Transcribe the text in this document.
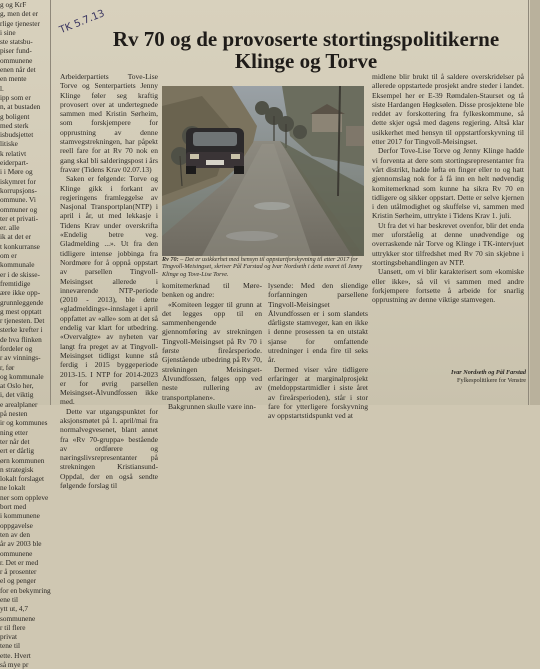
g og KrF
g, men det er
rlige tjenester
i sine
ste statsbu-
piser fund-
ommunene
enen når det
en mente
l.
ipp som er
n, at bustaden
g boligent
med sterk
isbudsjettet
litiske
k relativt
eiderpart-
i i Møre og
iskymret for
korrupsjons-
ommune. Vi
ommuner og
ter et privati-
er. alle
ik at det er
t konkurranse
om er
kommunale
er i de skisse-
fremtidige
ære ikke opp-
grunnleggende
g mest opptatt
r tjenesten. Det
sterke krefter i
de hva flinken
fordeler og
r av vinnings-
r, før
og kommunale
at Oslo her,
i, det viktig
e arealplaner
på nesten
ir og kommunes
ning etter
ter når det
ert er dårlig
ørn kommunen
n strategisk
lokalt forslaget
ne lokalt
ner som oppleve
bort med
i kommunene
oppgavelse
ten av den
år av 2003 ble
ommunene
r. Det er med
r å prosenter
el og penger
for en bekymring
ene til
ytt ut, 4,7
sommunene
r til flere
privat
tene til
ette. Hvert
så mye pr
TK 5.7.13
Rv 70 og de provoserte stortingspolitikerne Klinge og Torve

Arbeiderpartiets Tove-Lise Torve og Senterpartiets Jenny Klinge føler seg kraftig provosert over at undertegnede sammen med Kristin Sørheim, som forskjempere for opprustning av denne stamvegstrekningen, har påpekt reell fare for at Rv 70 nok en gang skal bli salderingspost i års fravær (Tidens Krav 02.07.13)

Saken er følgende: Torve og Klinge gikk i forkant av regjeringens framleggelse av Nasjonal Transportplan(NTP) i april i år, ut med lekkasje i Tidens Krav under overskrifta «Endelig betre veg. Gladmelding ...». Ut fra den tidligere intense jobbinga fra Nordmøre for å oppnå oppstart av parsellen Tingvoll-Meisingset allerede i inneværende NTP-periode (2010 - 2013), ble dette «gladmeldings»-innslaget i april oppfattet av «alle» som at det så endelig var klart for utbedring. «Overvalgte» av nyheten var langt fra preget av at Tingvoll-Meisingset tidligst kunne stå ferdig i 2015 byggeperiode 2013-15. I NTP for 2014-2023 er for øvrig parsellen Meisingset-Ålvundfossen ikke med.

Dette var utgangspunktet for aksjonsmøtet på 1. april/mai fra normalvegvesenet, blant annet fra «Rv 70-gruppa» bestående av ordførere og næringslivsrepresentanter på strekningen Kristiansund-Oppdal, der en også sendte følgende forslag til

Rv 70: – Det er usikkerhet med hensyn til oppstartforskyvning til etter 2017 for Tingvoll-Meisingset, skriver Pål Farstad og Ivar Nordseth i dette svaret til Jenny Klinge og Tove-Lise Torve.

komitemerknad til Møre- benken og andre:

«Komiteen legger til grunn at det legges opp til en sammenhengende gjennomføring av strekningen Tingvoll-Meisingset på Rv 70 i første fireårsperiode. Gjenstående utbedring på Rv 70, strekningen Meisingset-Ålvundfossen, følges opp ved neste rullering av transportplanen».

Bakgrunnen skulle være inn-

lysende: Med den sliendige forfanningen parsellene Tingvoll-Meisingset Ålvundfossen er i som slandets dårligste stamveger, kan en ikke i denne prosessen ta en utstakt sjanse for omfattende utredninger i enda fire til seks år.

Dermed viser våre tidligere erfaringer at marginalprosjekt (meldoppstartmidler i siste året av fireårsperioden), står i stor fare for ytterligere forskyvning av oppstartstidspunkt ved at

midlene blir brukt til å saldere overskridelser på allerede oppstartede prosjekt andre steder i landet. Eksempel her er E-39 Rømdalen-Staurset og tå siste Hardangen Høgksølen. Disse prosjektene ble reddet av forskottering fra fylkeskommune, så dette skjer også med dagens regjering. Altså klar usikkerhet med hensyn til oppstartforskyvning til etter 2017 for Tingvoll-Meisingset.

Derfor Tove-Lise Torve og Jenny Klinge hadde vi forventa at dere som stortingsrepresentanter fra vårt distrikt, hadde løfta en finger eller to og hatt gjennomslag nok for å få inn en helt nødvendig komitemerknad som kunne ha sikra Rv 70 en tidligere og sikker oppstart. Dette er selve kjernen i den utålmodighet og skuffelse vi, sammen med Kristin Sørheim, uttrykte i Tidens Krav 1. juli.

Ut fra det vi har beskrevet ovenfor, blir det enda mer uforståelig at denne unødvendige og overraskende når Torve og Klinge i TK-intervjuet uttrykker stor tilfredshet med Rv 70 sin skjebne i stortingsbehandlingen av NTP.

Uansett, om vi blir karakterisert som «komiske eller ikke», så vil vi sammen med andre forkjempere fortsette å arbeide for snarlig opprustning av denne viktige stamvegen.

Ivar Nordseth og Pål Farstad
Fylkespolitikere for Venstre
